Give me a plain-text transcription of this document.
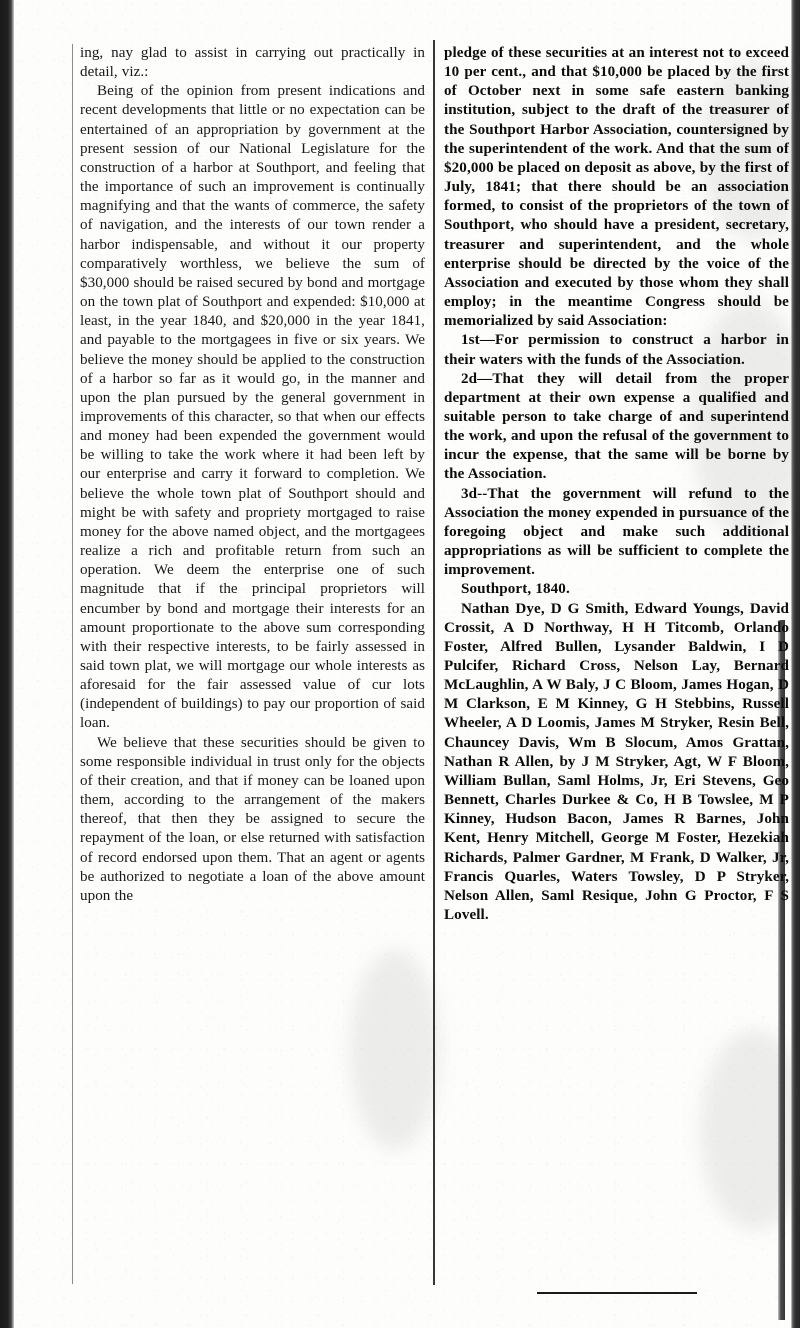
ing, nay glad to assist in carrying out practically in detail, viz.:

Being of the opinion from present indications and recent developments that little or no expectation can be entertained of an appropriation by government at the present session of our National Legislature for the construction of a harbor at Southport, and feeling that the importance of such an improvement is continually magnifying and that the wants of commerce, the safety of navigation, and the interests of our town render a harbor indispensable, and without it our property comparatively worthless, we believe the sum of $30,000 should be raised secured by bond and mortgage on the town plat of Southport and expended: $10,000 at least, in the year 1840, and $20,000 in the year 1841, and payable to the mortgagees in five or six years. We believe the money should be applied to the construction of a harbor so far as it would go, in the manner and upon the plan pursued by the general government in improvements of this character, so that when our effects and money had been expended the government would be willing to take the work where it had been left by our enterprise and carry it forward to completion. We believe the whole town plat of Southport should and might be with safety and propriety mortgaged to raise money for the above named object, and the mortgagees realize a rich and profitable return from such an operation. We deem the enterprise one of such magnitude that if the principal proprietors will encumber by bond and mortgage their interests for an amount proportionate to the above sum corresponding with their respective interests, to be fairly assessed in said town plat, we will mortgage our whole interests as aforesaid for the fair assessed value of cur lots (independent of buildings) to pay our proportion of said loan.

We believe that these securities should be given to some responsible individual in trust only for the objects of their creation, and that if money can be loaned upon them, according to the arrangement of the makers thereof, that then they be assigned to secure the repayment of the loan, or else returned with satisfaction of record endorsed upon them. That an agent or agents be authorized to negotiate a loan of the above amount upon the

pledge of these securities at an interest not to exceed 10 per cent., and that $10,000 be placed by the first of October next in some safe eastern banking institution, subject to the draft of the treasurer of the Southport Harbor Association, countersigned by the superintendent of the work. And that the sum of $20,000 be placed on deposit as above, by the first of July, 1841; that there should be an association formed, to consist of the proprietors of the town of Southport, who should have a president, secretary, treasurer and superintendent, and the whole enterprise should be directed by the voice of the Association and executed by those whom they shall employ; in the meantime Congress should be memorialized by said Association:

1st—For permission to construct a harbor in their waters with the funds of the Association.

2d—That they will detail from the proper department at their own expense a qualified and suitable person to take charge of and superintend the work, and upon the refusal of the government to incur the expense, that the same will be borne by the Association.

3d--That the government will refund to the Association the money expended in pursuance of the foregoing object and make such additional appropriations as will be sufficient to complete the improvement.

Southport, 1840.

Nathan Dye, D G Smith, Edward Youngs, David Crossit, A D Northway, H H Titcomb, Orlando Foster, Alfred Bullen, Lysander Baldwin, I D Pulcifer, Richard Cross, Nelson Lay, Bernard McLaughlin, A W Baly, J C Bloom, James Hogan, D M Clarkson, E M Kinney, G H Stebbins, Russell Wheeler, A D Loomis, James M Stryker, Resin Bell, Chauncey Davis, Wm B Slocum, Amos Grattan, Nathan R Allen, by J M Stryker, Agt, W F Bloom, William Bullan, Saml Holms, Jr, Eri Stevens, Geo Bennett, Charles Durkee & Co, H B Towslee, M P Kinney, Hudson Bacon, James R Barnes, John Kent, Henry Mitchell, George M Foster, Hezekiah Richards, Palmer Gardner, M Frank, D Walker, Jr, Francis Quarles, Waters Towsley, D P Stryker, Nelson Allen, Saml Resique, John G Proctor, F S Lovell.
